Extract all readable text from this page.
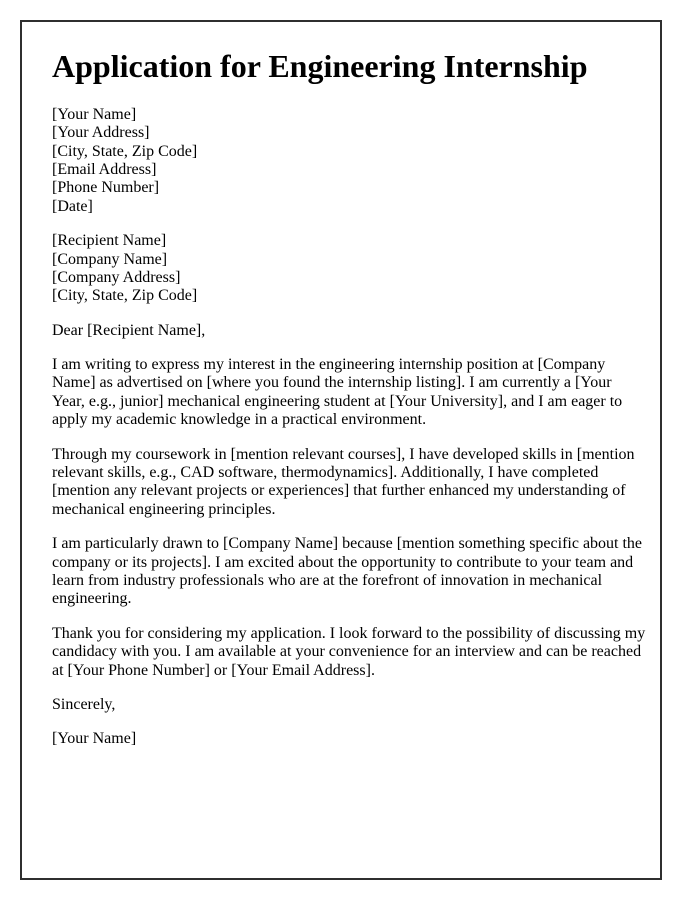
Application for Engineering Internship

[Your Name]
[Your Address]
[City, State, Zip Code]
[Email Address]
[Phone Number]
[Date]

[Recipient Name]
[Company Name]
[Company Address]
[City, State, Zip Code]

Dear [Recipient Name],

I am writing to express my interest in the engineering internship position at [Company Name] as advertised on [where you found the internship listing]. I am currently a [Your Year, e.g., junior] mechanical engineering student at [Your University], and I am eager to apply my academic knowledge in a practical environment.

Through my coursework in [mention relevant courses], I have developed skills in [mention relevant skills, e.g., CAD software, thermodynamics]. Additionally, I have completed [mention any relevant projects or experiences] that further enhanced my understanding of mechanical engineering principles.

I am particularly drawn to [Company Name] because [mention something specific about the company or its projects]. I am excited about the opportunity to contribute to your team and learn from industry professionals who are at the forefront of innovation in mechanical engineering.

Thank you for considering my application. I look forward to the possibility of discussing my candidacy with you. I am available at your convenience for an interview and can be reached at [Your Phone Number] or [Your Email Address].

Sincerely,

[Your Name]
